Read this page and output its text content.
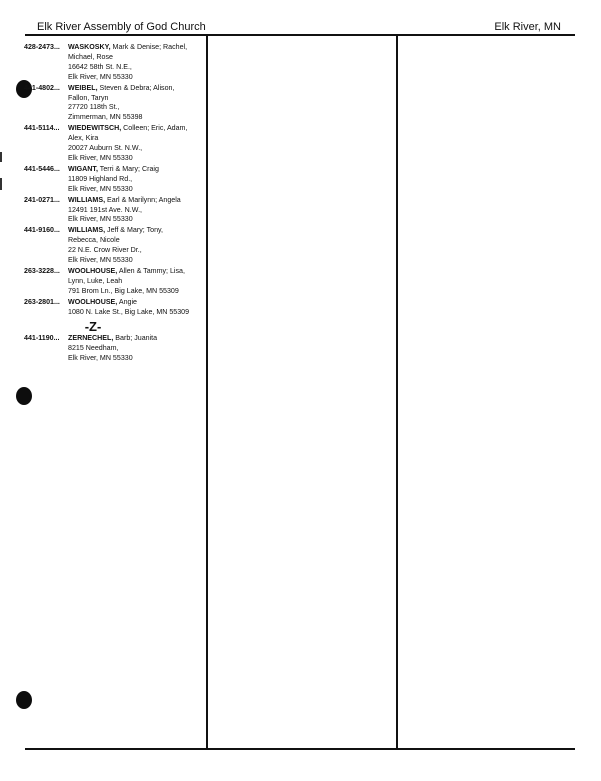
Elk River Assembly of God Church	Elk River, MN
428-2473...	WASKOSKY, Mark & Denise; Rachel,
Michael, Rose
16642 58th St. N.E.,
Elk River, MN 55330
441-4802...	WEIBEL, Steven & Debra; Alison,
Fallon, Taryn
27720 118th St.,
Zimmerman, MN 55398
441-5114...	WIEDEWITSCH, Colleen; Eric, Adam,
Alex, Kira
20027 Auburn St. N.W.,
Elk River, MN 55330
441-5446...	WIGANT, Terri & Mary; Craig
11809 Highland Rd.,
Elk River, MN 55330
241-0271...	WILLIAMS, Earl & Marilynn; Angela
12491 191st Ave. N.W.,
Elk River, MN 55330
441-9160...	WILLIAMS, Jeff & Mary; Tony,
Rebecca, Nicole
22 N.E. Crow River Dr.,
Elk River, MN 55330
263-3228...	WOOLHOUSE, Allen & Tammy; Lisa,
Lynn, Luke, Leah
791 Brom Ln., Big Lake, MN 55309
263-2801...	WOOLHOUSE, Angie
1080 N. Lake St., Big Lake, MN 55309
-Z-
441-1190...	ZERNECHEL, Barb; Juanita
8215 Needham,
Elk River, MN 55330
